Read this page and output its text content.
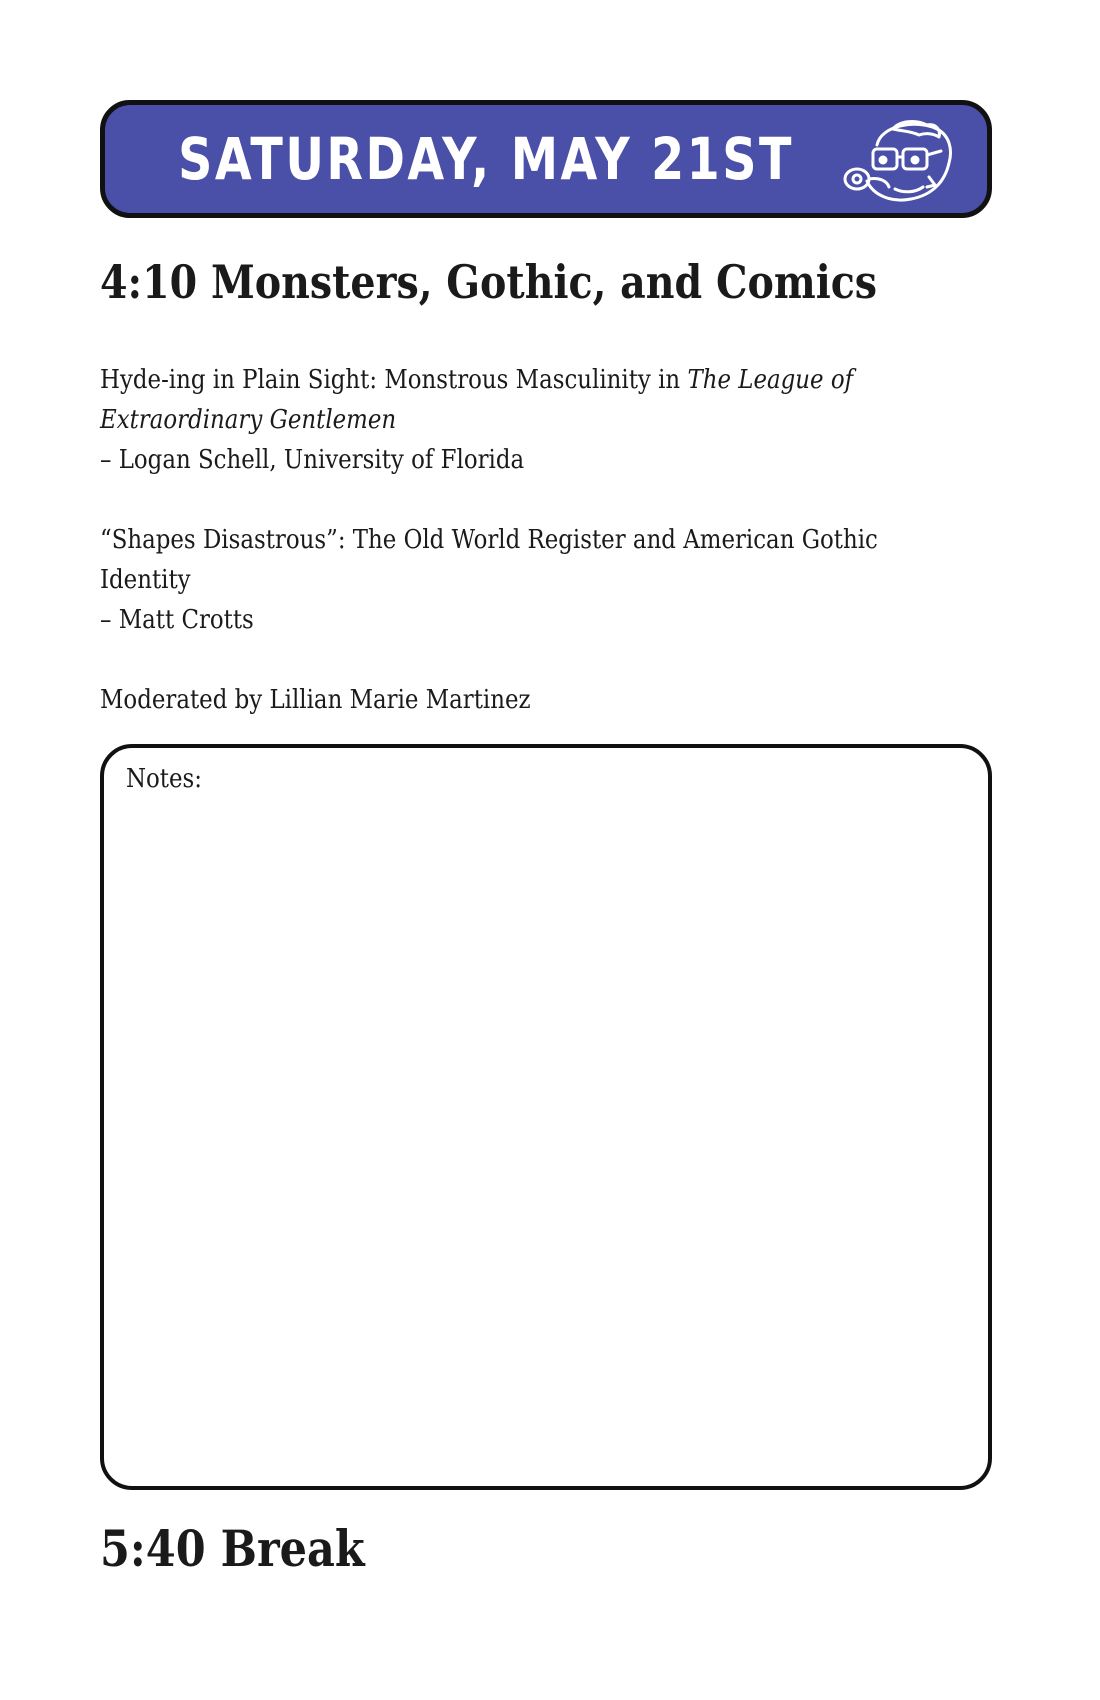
SATURDAY, MAY 21ST
4:10 Monsters, Gothic, and Comics
Hyde-ing in Plain Sight: Monstrous Masculinity in The League of
Extraordinary Gentlemen
– Logan Schell, University of Florida
“Shapes Disastrous”: The Old World Register and American Gothic
Identity
– Matt Crotts
Moderated by Lillian Marie Martinez
Notes:
5:40 Break
